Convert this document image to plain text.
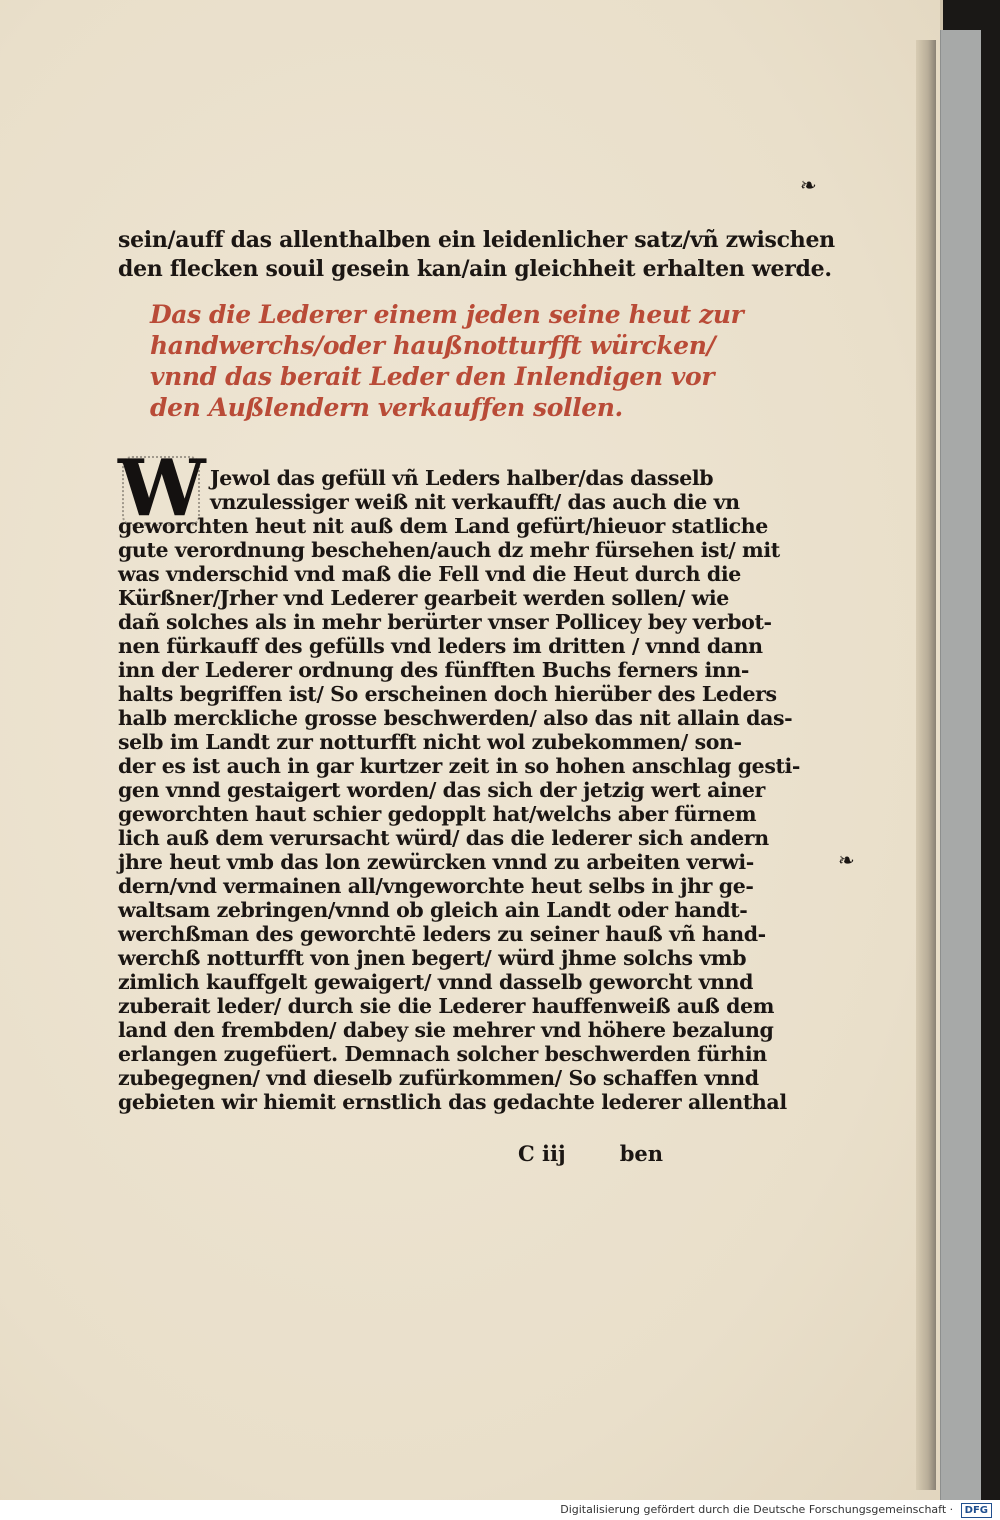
sein/auff das allenthalben ein leidenlicher satz/vñ zwischen
den flecken souil gesein kan/ain gleichheit erhalten werde.
Das die Lederer einem jeden seine heut zur
handwerchs/oder haußnotturfft würcken/
vnnd das berait Leder den Inlendigen vor
den Außlendern verkauffen sollen.
W Jewol das gefüll vñ Leders halber/das dasselb
vnzulessiger weiß nit verkaufft/ das auch die vn
geworchten heut nit auß dem Land gefürt/hieuor statliche
gute verordnung beschehen/auch dz mehr fürsehen ist/ mit
was vnderschid vnd maß die Fell vnd die Heut durch die
Kürßner/Jrher vnd Lederer gearbeit werden sollen/ wie
dañ solches als in mehr berürter vnser Pollicey bey verbot-
nen fürkauff des gefülls vnd leders im dritten / vnnd dann
inn der Lederer ordnung des fünfften Buchs ferners inn-
halts begriffen ist/ So erscheinen doch hierüber des Leders
halb merckliche grosse beschwerden/ also das nit allain das-
selb im Landt zur notturfft nicht wol zubekommen/ son-
der es ist auch in gar kurtzer zeit in so hohen anschlag gesti-
gen vnnd gestaigert worden/ das sich der jetzig wert ainer
geworchten haut schier gedopplt hat/welchs aber fürnem
lich auß dem verursacht würd/ das die lederer sich andern
jhre heut vmb das lon zewürcken vnnd zu arbeiten verwi-
dern/vnd vermainen all/vngeworchte heut selbs in jhr ge-
waltsam zebringen/vnnd ob gleich ain Landt oder handt-
werchßman des geworchtē leders zu seiner hauß vñ hand-
werchß notturfft von jnen begert/ würd jhme solchs vmb
zimlich kauffgelt gewaigert/ vnnd dasselb geworcht vnnd
zuberait leder/ durch sie die Lederer hauffenweiß auß dem
land den frembden/ dabey sie mehrer vnd höhere bezalung
erlangen zugefüert. Demnach solcher beschwerden fürhin
zubegegnen/ vnd dieselb zufürkommen/ So schaffen vnnd
gebieten wir hiemit ernstlich das gedachte lederer allenthal
C iij	ben
❧
❧
Digitalisierung gefördert durch die Deutsche Forschungsgemeinschaft · DFG
